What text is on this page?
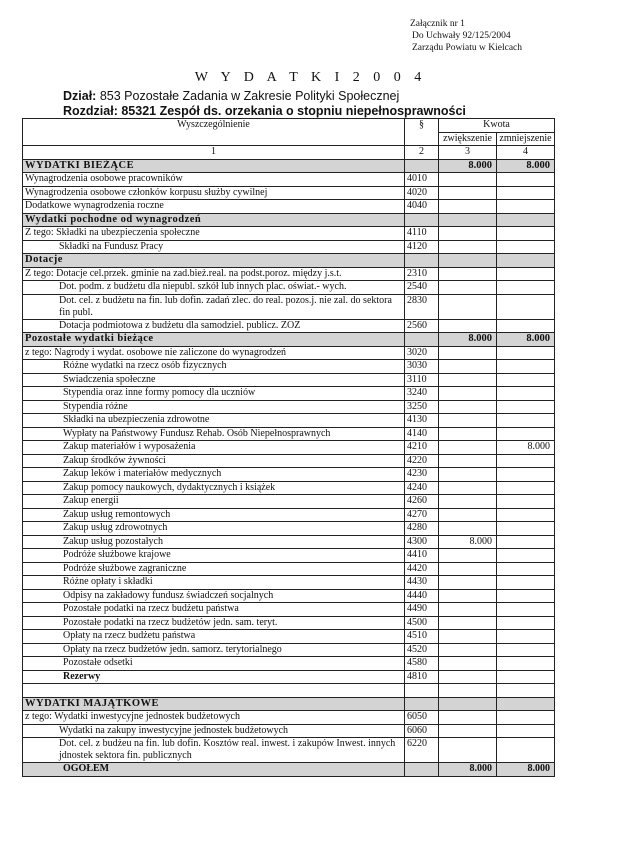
Załącznik nr 1
Do Uchwały 92/125/2004
Zarządu Powiatu w Kielcach
W Y D A T K I 2 0 0 4
Dział: 853 Pozostałe Zadania w Zakresie Polityki Społecznej
Rozdział: 85321 Zespół ds. orzekania o stopniu niepełnosprawności
Wyszczególnienie	§	Kwota	
		zwiększenie	zmniejszenie
1	2	3	4
WYDATKI BIEŻĄCE		8.000	8.000
Wynagrodzenia osobowe pracowników	4010		
Wynagrodzenia osobowe członków korpusu służby cywilnej	4020		
Dodatkowe wynagrodzenia roczne	4040		
Wydatki pochodne od wynagrodzeń			
Z tego: Składki na ubezpieczenia społeczne	4110		
Składki na Fundusz Pracy	4120		
Dotacje			
Z tego: Dotacje cel.przek. gminie na zad.bież.real. na podst.poroz. między j.s.t.	2310		
Dot. podm. z budżetu dla niepubl. szkół lub innych plac. oświat.- wych.	2540		
Dot. cel. z budżetu na fin. lub dofin. zadań zlec. do real. pozos.j. nie zal. do sektora fin publ.	2830		
Dotacja podmiotowa z budżetu dla samodziel. publicz. ZOZ	2560		
Pozostałe wydatki bieżące		8.000	8.000
z tego: Nagrody i wydat. osobowe nie zaliczone do wynagrodzeń	3020		
Różne wydatki na rzecz osób fizycznych	3030		
Świadczenia społeczne	3110		
Stypendia oraz inne formy pomocy dla uczniów	3240		
Stypendia różne	3250		
Składki na ubezpieczenia zdrowotne	4130		
Wypłaty na Państwowy Fundusz Rehab. Osób Niepełnosprawnych	4140		
Zakup materiałów i wyposażenia	4210		8.000
Zakup środków żywności	4220		
Zakup leków i materiałów medycznych	4230		
Zakup pomocy naukowych, dydaktycznych i książek	4240		
Zakup energii	4260		
Zakup usług remontowych	4270		
Zakup usług zdrowotnych	4280		
Zakup usług pozostałych	4300	8.000	
Podróże służbowe krajowe	4410		
Podróże służbowe zagraniczne	4420		
Różne opłaty i składki	4430		
Odpisy na zakładowy fundusz świadczeń socjalnych	4440		
Pozostałe podatki na rzecz budżetu państwa	4490		
Pozostałe podatki na rzecz budżetów jedn. sam. teryt.	4500		
Opłaty na rzecz budżetu państwa	4510		
Opłaty na rzecz budżetów jedn. samorz. terytorialnego	4520		
Pozostałe odsetki	4580		
Rezerwy	4810		

WYDATKI MAJĄTKOWE			
z tego: Wydatki inwestycyjne jednostek budżetowych	6050		
Wydatki na zakupy inwestycyjne jednostek budżetowych	6060		
Dot. cel. z budżeu na fin. lub dofin. Kosztów real. inwest. i zakupów Inwest. innych jdnostek sektora fin. publicznych	6220		
OGÓŁEM		8.000	8.000
